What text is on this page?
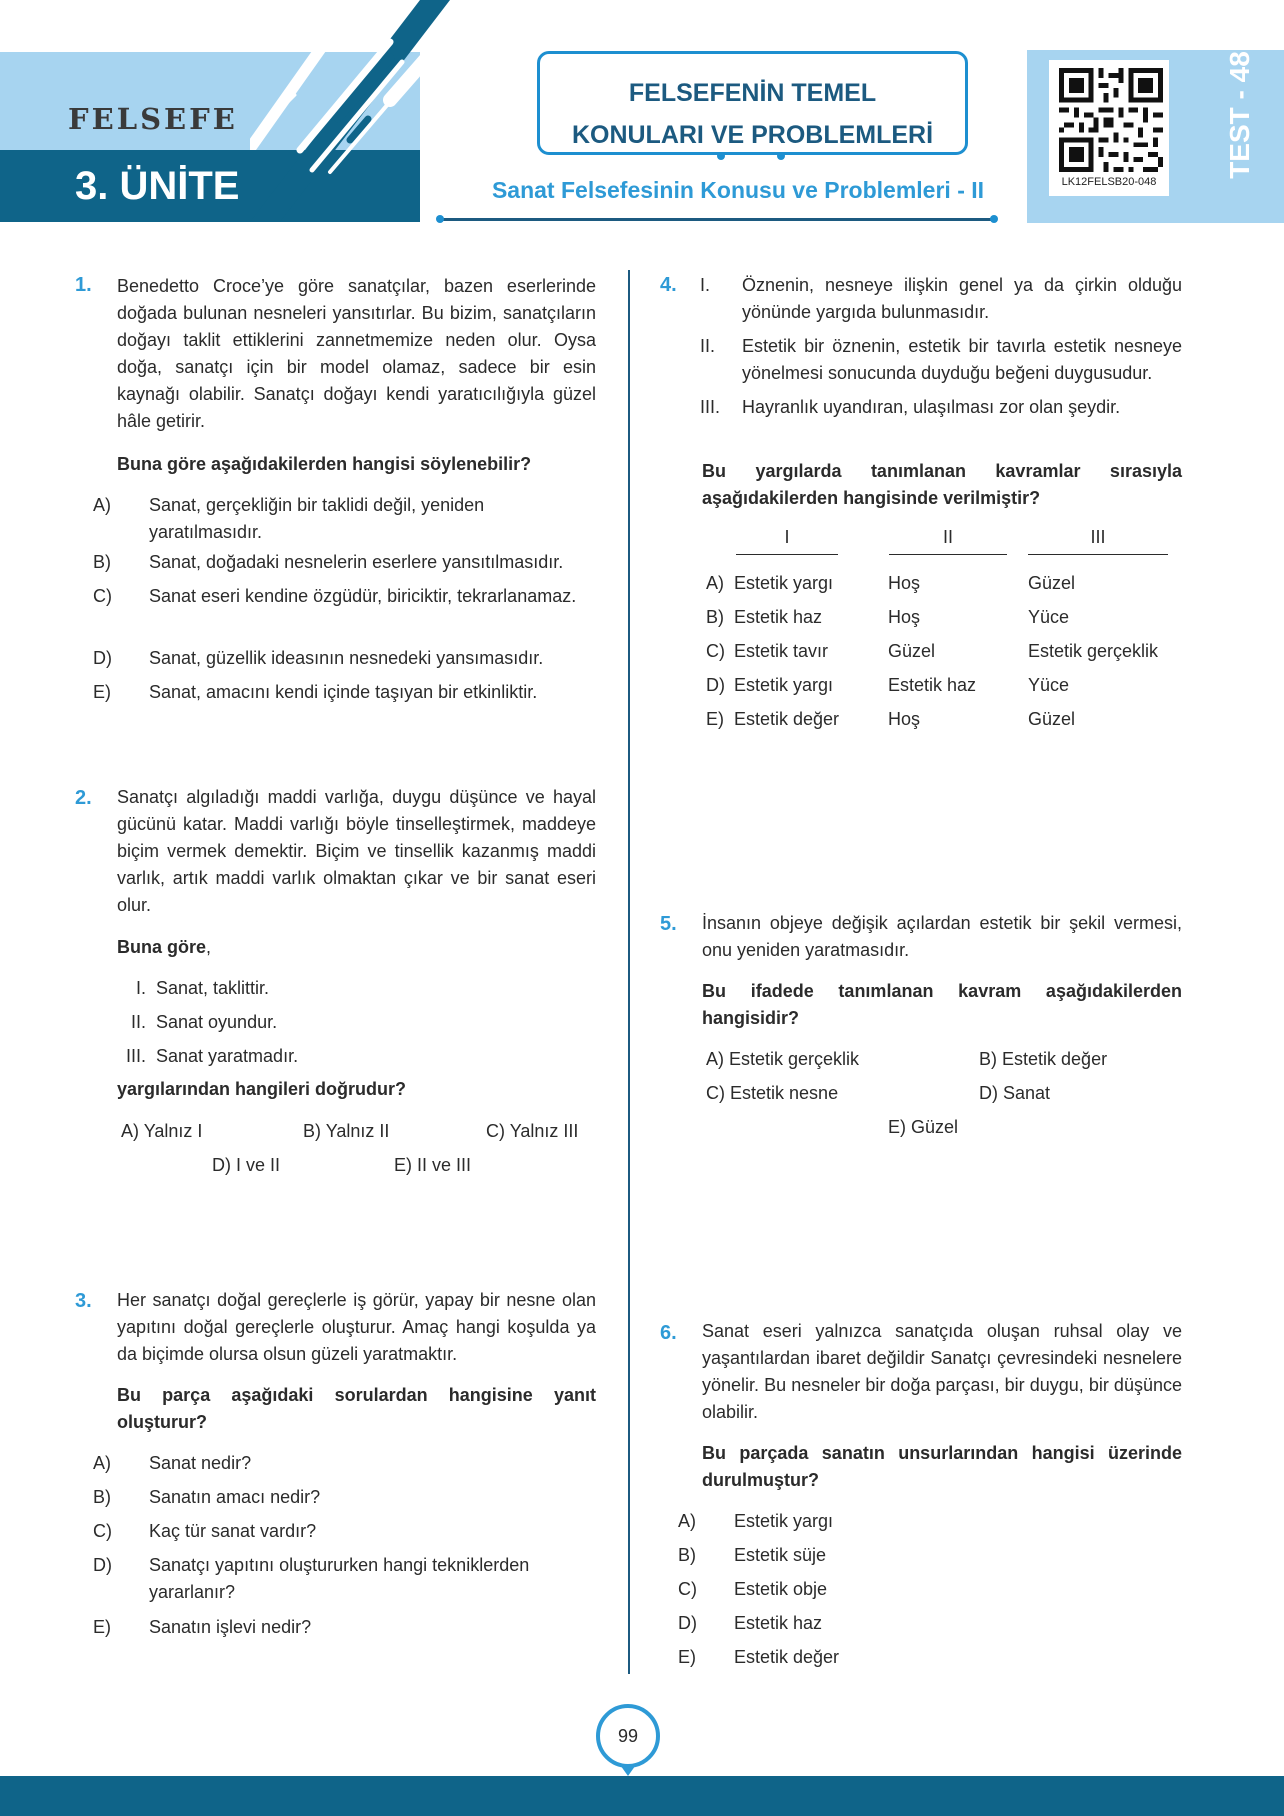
FELSEFE
3. ÜNİTE
FELSEFENİN TEMEL
KONULARI VE PROBLEMLERİ
Sanat Felsefesinin Konusu ve Problemleri - II	LK12FELSB20-048
TEST - 48
1. Benedetto Croce’ye göre sanatçılar, bazen eserlerinde doğada bulunan nesneleri yansıtırlar. Bu bizim, sanatçıların doğayı taklit ettiklerini zannetmemize neden olur. Oysa doğa, sanatçı için bir model olamaz, sadece bir esin kaynağı olabilir. Sanatçı doğayı kendi yaratıcılığıyla güzel hâle getirir.
Buna göre aşağıdakilerden hangisi söylenebilir?
A) Sanat, gerçekliğin bir taklidi değil, yeniden yaratılmasıdır.
B) Sanat, doğadaki nesnelerin eserlere yansıtılmasıdır.
C) Sanat eseri kendine özgüdür, biriciktir, tekrarlanamaz.
D) Sanat, güzellik ideasının nesnedeki yansımasıdır.
E) Sanat, amacını kendi içinde taşıyan bir etkinliktir.
2. Sanatçı algıladığı maddi varlığa, duygu düşünce ve hayal gücünü katar. Maddi varlığı böyle tinselleştirmek, maddeye biçim vermek demektir. Biçim ve tinsellik kazanmış maddi varlık, artık maddi varlık olmaktan çıkar ve bir sanat eseri olur.
Buna göre,
I. Sanat, taklittir.
II. Sanat oyundur.
III. Sanat yaratmadır.
yargılarından hangileri doğrudur?
A) Yalnız I	B) Yalnız II	C) Yalnız III
D) I ve II	E) II ve III
3. Her sanatçı doğal gereçlerle iş görür, yapay bir nesne olan yapıtını doğal gereçlerle oluşturur. Amaç hangi koşulda ya da biçimde olursa olsun güzeli yaratmaktır.
Bu parça aşağıdaki sorulardan hangisine yanıt oluşturur?
A) Sanat nedir?
B) Sanatın amacı nedir?
C) Kaç tür sanat vardır?
D) Sanatçı yapıtını oluştururken hangi tekniklerden yararlanır?
E) Sanatın işlevi nedir?
4. I.	Öznenin, nesneye ilişkin genel ya da çirkin olduğu yönünde yargıda bulunmasıdır.
II.	Estetik bir öznenin, estetik bir tavırla estetik nesneye yönelmesi sonucunda duyduğu beğeni duygusudur.
III.	Hayranlık uyandıran, ulaşılması zor olan şeydir.
Bu yargılarda tanımlanan kavramlar sırasıyla aşağıdakilerden hangisinde verilmiştir?
I	II	III
A) Estetik yargı	Hoş	Güzel
B) Estetik haz	Hoş	Yüce
C) Estetik tavır	Güzel	Estetik gerçeklik
D) Estetik yargı	Estetik haz	Yüce
E) Estetik değer	Hoş	Güzel
5. İnsanın objeye değişik açılardan estetik bir şekil vermesi, onu yeniden yaratmasıdır.
Bu ifadede tanımlanan kavram aşağıdakilerden hangisidir?
A) Estetik gerçeklik	B) Estetik değer
C) Estetik nesne	D) Sanat
E) Güzel
6. Sanat eseri yalnızca sanatçıda oluşan ruhsal olay ve yaşantılardan ibaret değildir Sanatçı çevresindeki nesnelere yönelir. Bu nesneler bir doğa parçası, bir duygu, bir düşünce olabilir.
Bu parçada sanatın unsurlarından hangisi üzerinde durulmuştur?
A) Estetik yargı
B) Estetik süje
C) Estetik obje
D) Estetik haz
E) Estetik değer
99
